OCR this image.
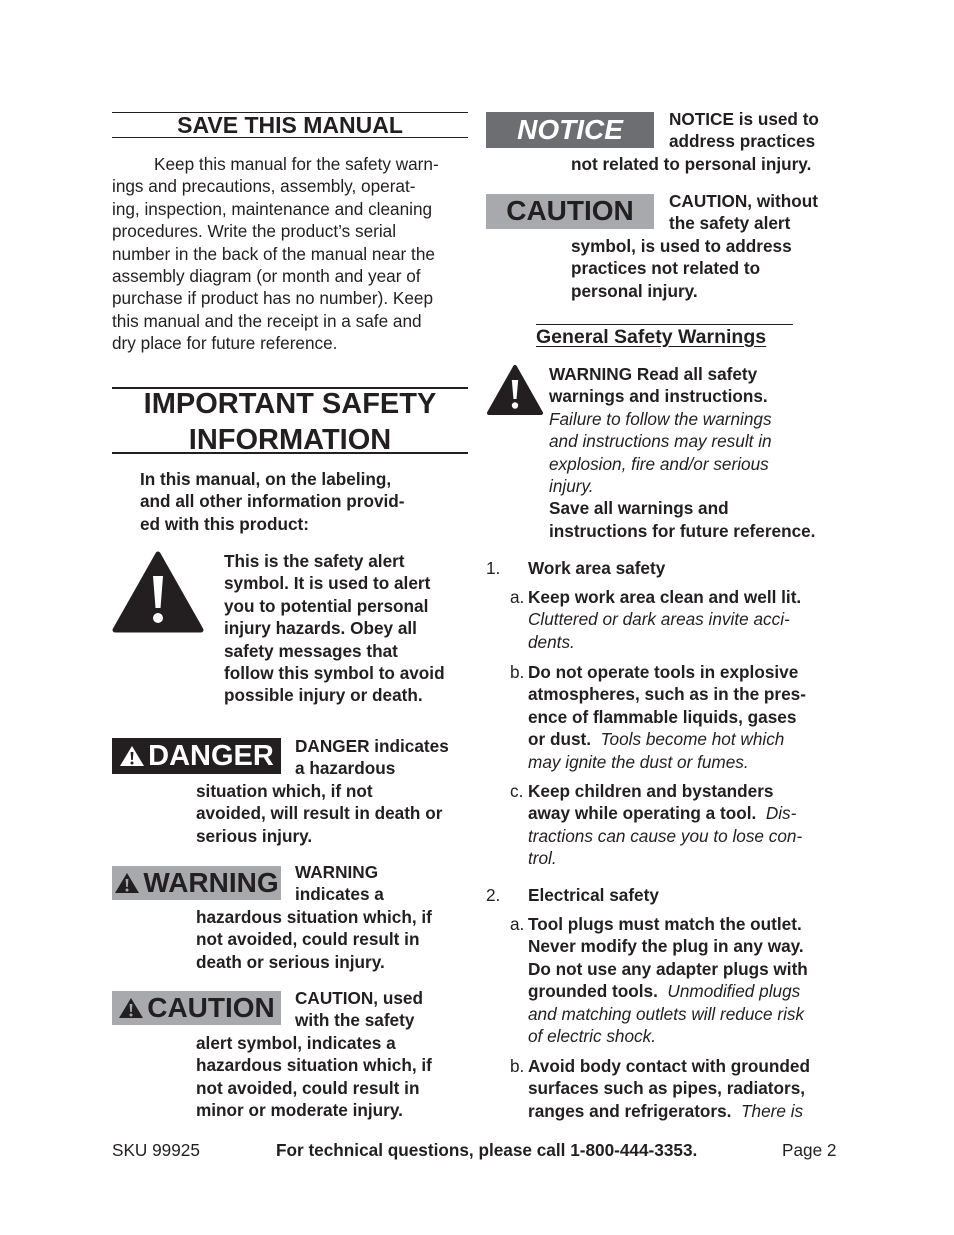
SAVE THIS MANUAL
Keep this manual for the safety warn-
ings and precautions, assembly, operat-
ing, inspection, maintenance and cleaning
procedures. Write the product’s serial
number in the back of the manual near the
assembly diagram (or month and year of
purchase if product has no number). Keep
this manual and the receipt in a safe and
dry place for future reference.
IMPORTANT SAFETY
INFORMATION
In this manual, on the labeling,
and all other information provid-
ed with this product:
This is the safety alert
symbol. It is used to alert
you to potential personal
injury hazards. Obey all
safety messages that
follow this symbol to avoid
possible injury or death.
DANGER DANGER indicates
a hazardous
situation which, if not
avoided, will result in death or
serious injury.
WARNING WARNING
indicates a
hazardous situation which, if
not avoided, could result in
death or serious injury.
CAUTION CAUTION, used
with the safety
alert symbol, indicates a
hazardous situation which, if
not avoided, could result in
minor or moderate injury.
NOTICE	NOTICE is used to
address practices
not related to personal injury.
CAUTION CAUTION, without
the safety alert
symbol, is used to address
practices not related to
personal injury.
General Safety Warnings
WARNING Read all safety
warnings and instructions.
Failure to follow the warnings
and instructions may result in
explosion, fire and/or serious
injury.
Save all warnings and
instructions for future reference.
1. Work area safety
a. Keep work area clean and well lit.
Cluttered or dark areas invite acci-
dents.
b. Do not operate tools in explosive
atmospheres, such as in the pres-
ence of flammable liquids, gases
or dust. Tools become hot which
may ignite the dust or fumes.
c. Keep children and bystanders
away while operating a tool. Dis-
tractions can cause you to lose con-
trol.
2. Electrical safety
a. Tool plugs must match the outlet.
Never modify the plug in any way.
Do not use any adapter plugs with
grounded tools. Unmodified plugs
and matching outlets will reduce risk
of electric shock.
b. Avoid body contact with grounded
surfaces such as pipes, radiators,
ranges and refrigerators. There is
SKU 99925	For technical questions, please call 1-800-444-3353.	Page 2
